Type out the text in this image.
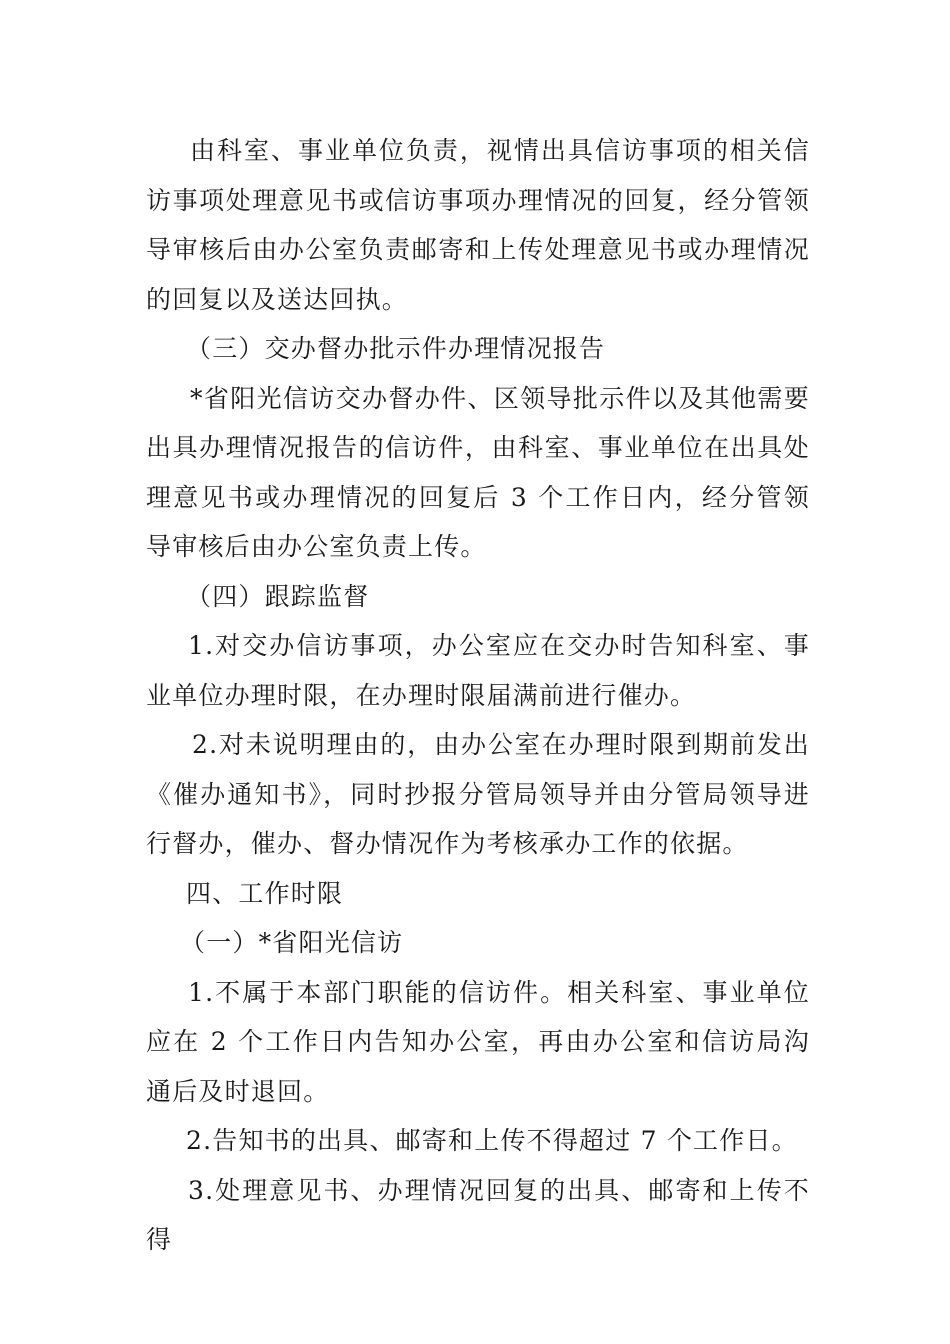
由科室、事业单位负责，视情出具信访事项的相关信访事项处理意见书或信访事项办理情况的回复，经分管领导审核后由办公室负责邮寄和上传处理意见书或办理情况的回复以及送达回执。

（三）交办督办批示件办理情况报告

*省阳光信访交办督办件、区领导批示件以及其他需要出具办理情况报告的信访件，由科室、事业单位在出具处理意见书或办理情况的回复后 3 个工作日内，经分管领导审核后由办公室负责上传。

（四）跟踪监督

1.对交办信访事项，办公室应在交办时告知科室、事业单位办理时限，在办理时限届满前进行催办。

2.对未说明理由的，由办公室在办理时限到期前发出《催办通知书》，同时抄报分管局领导并由分管局领导进行督办，催办、督办情况作为考核承办工作的依据。

四、工作时限

（一）*省阳光信访

1.不属于本部门职能的信访件。相关科室、事业单位应在 2 个工作日内告知办公室，再由办公室和信访局沟通后及时退回。

2.告知书的出具、邮寄和上传不得超过 7 个工作日。

3.处理意见书、办理情况回复的出具、邮寄和上传不得
